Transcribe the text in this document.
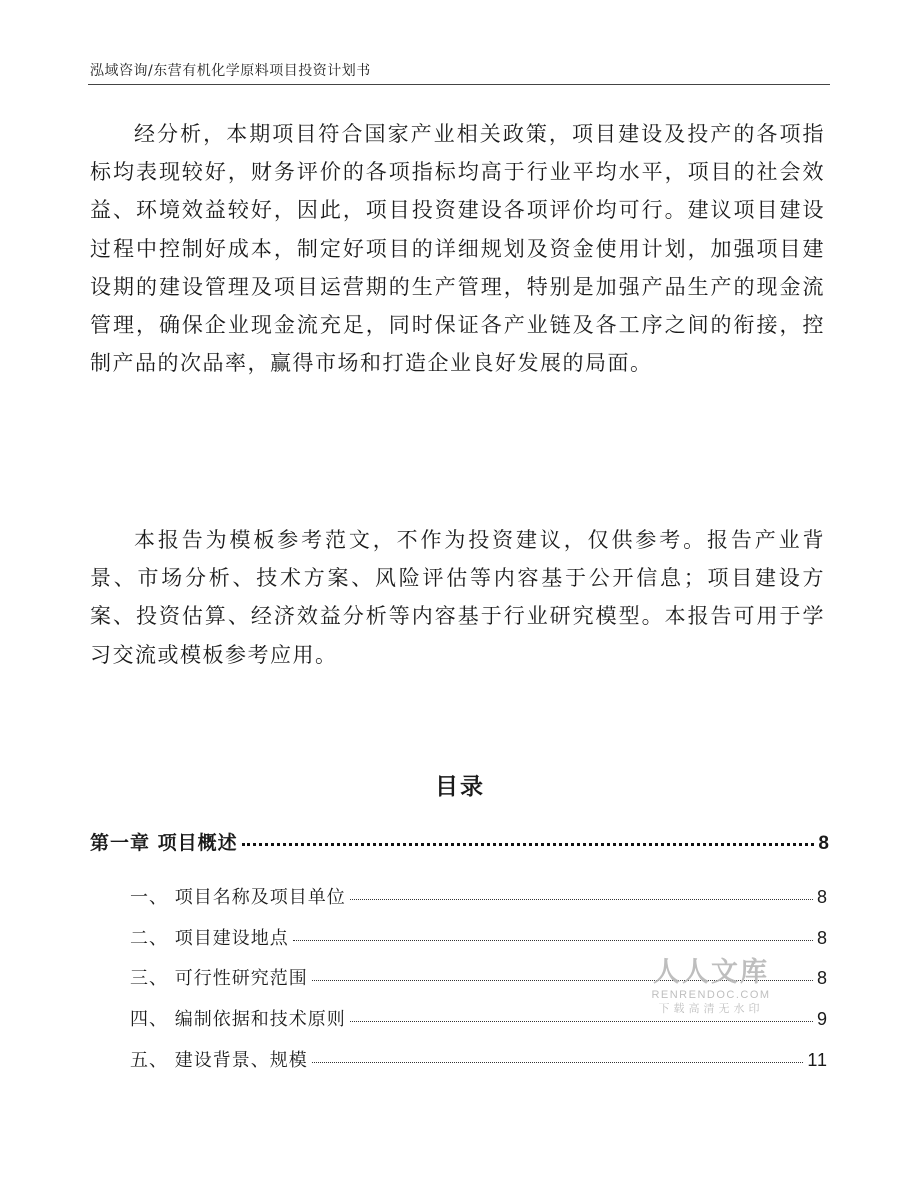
泓域咨询/东营有机化学原料项目投资计划书

经分析，本期项目符合国家产业相关政策，项目建设及投产的各项指标均表现较好，财务评价的各项指标均高于行业平均水平，项目的社会效益、环境效益较好，因此，项目投资建设各项评价均可行。建议项目建设过程中控制好成本，制定好项目的详细规划及资金使用计划，加强项目建设期的建设管理及项目运营期的生产管理，特别是加强产品生产的现金流管理，确保企业现金流充足，同时保证各产业链及各工序之间的衔接，控制产品的次品率，赢得市场和打造企业良好发展的局面。

本报告为模板参考范文，不作为投资建议，仅供参考。报告产业背景、市场分析、技术方案、风险评估等内容基于公开信息；项目建设方案、投资估算、经济效益分析等内容基于行业研究模型。本报告可用于学习交流或模板参考应用。

目录
第一章 项目概述	8
一、 项目名称及项目单位	8
二、 项目建设地点	8
三、 可行性研究范围	8
四、 编制依据和技术原则	9
五、 建设背景、规模	11
人人文库
RENRENDOC.COM
下载高清无水印
